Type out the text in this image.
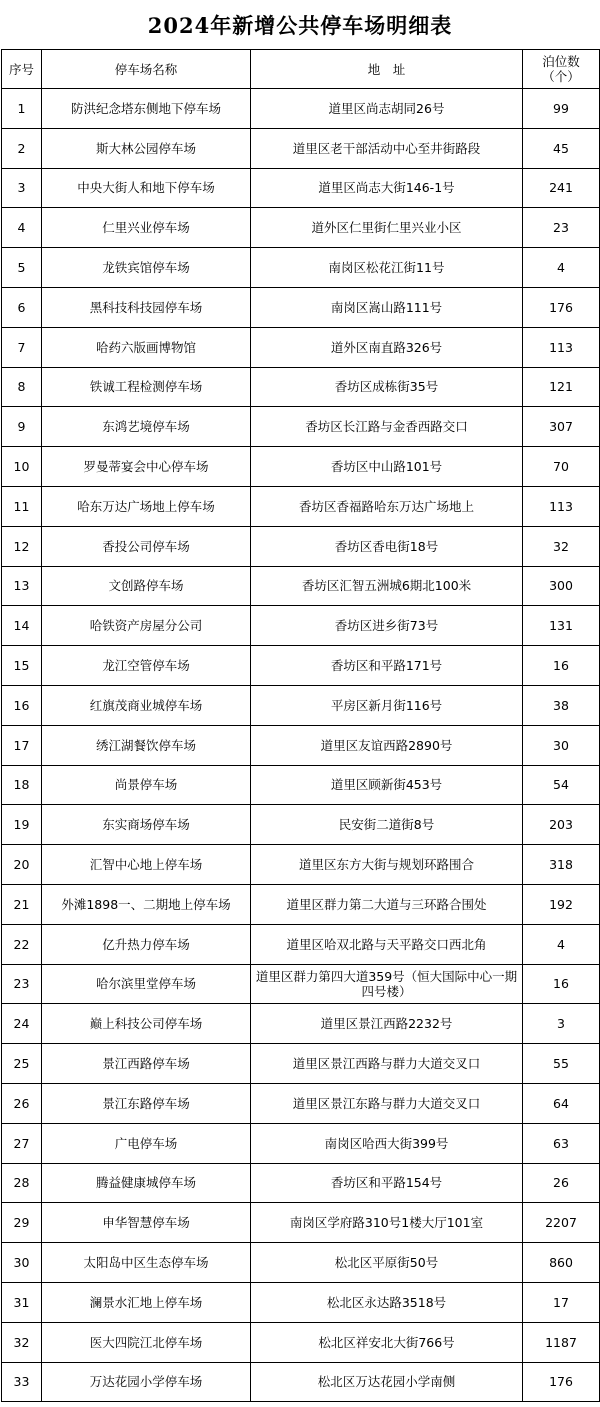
2024年新增公共停车场明细表
序号	停车场名称	地　址	泊位数
（个）

1	防洪纪念塔东侧地下停车场	道里区尚志胡同26号	99
2	斯大林公园停车场	道里区老干部活动中心至井街路段	45
3	中央大街人和地下停车场	道里区尚志大街146-1号	241
4	仁里兴业停车场	道外区仁里街仁里兴业小区	23
5	龙铁宾馆停车场	南岗区松花江街11号	4
6	黑科技科技园停车场	南岗区嵩山路111号	176
7	哈药六版画博物馆	道外区南直路326号	113
8	铁诚工程检测停车场	香坊区成栋街35号	121
9	东鸿艺境停车场	香坊区长江路与金香西路交口	307
10	罗曼蒂宴会中心停车场	香坊区中山路101号	70
11	哈东万达广场地上停车场	香坊区香福路哈东万达广场地上	113
12	香投公司停车场	香坊区香电街18号	32
13	文创路停车场	香坊区汇智五洲城6期北100米	300
14	哈铁资产房屋分公司	香坊区进乡街73号	131
15	龙江空管停车场	香坊区和平路171号	16
16	红旗茂商业城停车场	平房区新月街116号	38
17	绣江湖餐饮停车场	道里区友谊西路2890号	30
18	尚景停车场	道里区顾新街453号	54
19	东实商场停车场	民安街二道街8号	203
20	汇智中心地上停车场	道里区东方大街与规划环路围合	318
21	外滩1898一、二期地上停车场	道里区群力第二大道与三环路合围处	192
22	亿升热力停车场	道里区哈双北路与天平路交口西北角	4
23	哈尔滨里堂停车场	道里区群力第四大道359号（恒大国际中心一期四号楼）	16
24	巅上科技公司停车场	道里区景江西路2232号	3
25	景江西路停车场	道里区景江西路与群力大道交叉口	55
26	景江东路停车场	道里区景江东路与群力大道交叉口	64
27	广电停车场	南岗区哈西大街399号	63
28	腾益健康城停车场	香坊区和平路154号	26
29	申华智慧停车场	南岗区学府路310号1楼大厅101室	2207
30	太阳岛中区生态停车场	松北区平原街50号	860
31	澜景水汇地上停车场	松北区永达路3518号	17
32	医大四院江北停车场	松北区祥安北大街766号	1187
33	万达花园小学停车场	松北区万达花园小学南侧	176
